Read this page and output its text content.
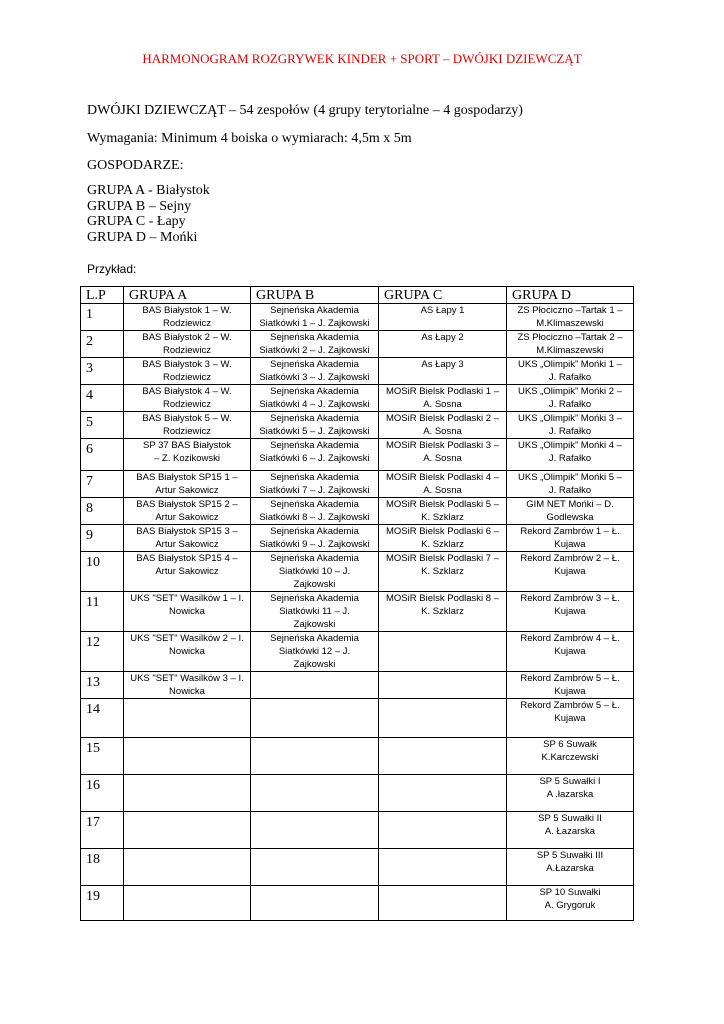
HARMONOGRAM ROZGRYWEK KINDER + SPORT – DWÓJKI DZIEWCZĄT
DWÓJKI DZIEWCZĄT – 54 zespołów (4 grupy terytorialne – 4 gospodarzy)
Wymagania: Minimum 4 boiska o wymiarach: 4,5m x 5m
GOSPODARZE:
GRUPA A - Białystok
GRUPA B – Sejny
GRUPA C - Łapy
GRUPA D – Mońki
Przykład:
L.P	GRUPA A	GRUPA B	GRUPA C	GRUPA D
1	BAS Białystok 1 – W.
Rodziewicz	Sejneńska Akademia
Siatkówki 1 – J. Zajkowski	AS Łapy 1	ZS Płociczno –Tartak 1 –
M.Klimaszewski
2	BAS Białystok 2 – W.
Rodziewicz	Sejneńska Akademia
Siatkówki 2 – J. Zajkowski	As Łapy 2	ZS Płociczno –Tartak 2 –
M.Klimaszewski
3	BAS Białystok 3 – W.
Rodziewicz	Sejneńska Akademia
Siatkówki 3 – J. Zajkowski	As Łapy 3	UKS „Olimpik” Mońki 1 –
J. Rafałko
4	BAS Białystok 4 – W.
Rodziewicz	Sejneńska Akademia
Siatkówki 4 – J. Zajkowski	MOSiR Bielsk Podlaski 1 –
A. Sosna	UKS „Olimpik” Mońki 2 –
J. Rafałko
5	BAS Białystok 5 – W.
Rodziewicz	Sejneńska Akademia
Siatkówki 5 – J. Zajkowski	MOSiR Bielsk Podlaski 2 –
A. Sosna	UKS „Olimpik” Mońki 3 –
J. Rafałko
6	SP 37 BAS Białystok
– Z. Kozikowski	Sejneńska Akademia
Siatkówki 6 – J. Zajkowski	MOSiR Bielsk Podlaski 3 –
A. Sosna	UKS „Olimpik” Mońki 4 –
J. Rafałko
7	BAS Białystok SP15 1 –
Artur Sakowicz	Sejneńska Akademia
Siatkówki 7 – J. Zajkowski	MOSiR Bielsk Podlaski 4 –
A. Sosna	UKS „Olimpik” Mońki 5 –
J. Rafałko
8	BAS Białystok SP15 2 –
Artur Sakowicz	Sejneńska Akademia
Siatkówki 8 – J. Zajkowski	MOSiR Bielsk Podlaski 5 –
K. Szklarz	GIM NET Mońki – D.
Godlewska
9	BAS Białystok SP15 3 –
Artur Sakowicz	Sejneńska Akademia
Siatkówki 9 – J. Zajkowski	MOSiR Bielsk Podlaski 6 –
K. Szklarz	Rekord Zambrów 1 – Ł.
Kujawa
10	BAS Białystok SP15 4 –
Artur Sakowicz	Sejneńska Akademia
Siatkówki 10 – J.
Zajkowski	MOSiR Bielsk Podlaski 7 –
K. Szklarz	Rekord Zambrów 2 – Ł.
Kujawa
11	UKS "SET" Wasilków 1 – I.
Nowicka	Sejneńska Akademia
Siatkówki 11 – J.
Zajkowski	MOSiR Bielsk Podlaski 8 –
K. Szklarz	Rekord Zambrów 3 – Ł.
Kujawa
12	UKS "SET" Wasilków 2 – I.
Nowicka	Sejneńska Akademia
Siatkówki 12 – J.
Zajkowski		Rekord Zambrów 4 – Ł.
Kujawa
13	UKS "SET" Wasilków 3 – I.
Nowicka			Rekord Zambrów 5 – Ł.
Kujawa
14				Rekord Zambrów 5 – Ł.
Kujawa
15				SP 6 Suwałk
K.Karczewski
16				SP 5 Suwałki I
A .łazarska
17				SP 5 Suwałki II
A. Łazarska
18				SP 5 Suwałki III
A.Łazarska
19				SP 10 Suwałki
A. Grygoruk
